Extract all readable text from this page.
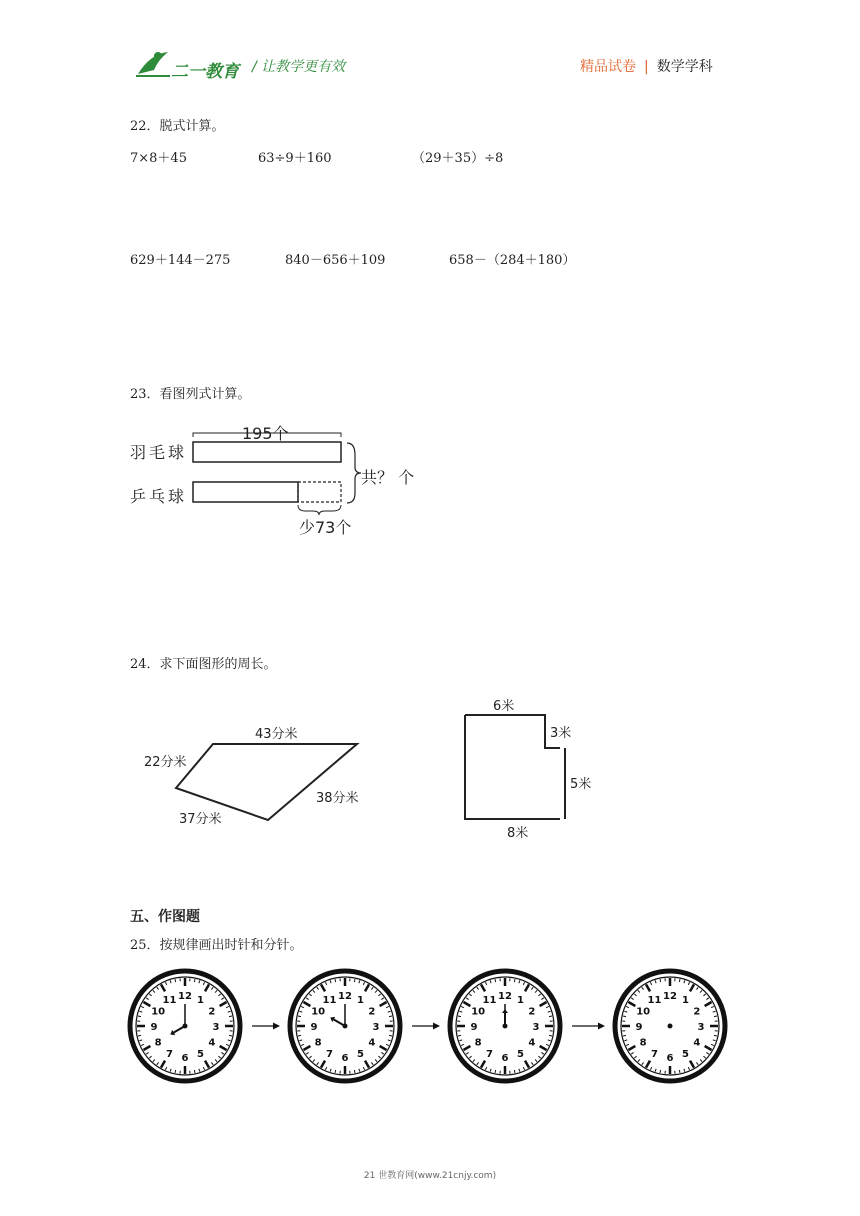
二一教育 / 让教学更有效	精品试卷 | 数学学科
22．脱式计算。
7×8＋45	63÷9＋160	（29＋35）÷8
629＋144－275	840－656＋109	658－（284＋180）
23．看图列式计算。
195个
羽毛球
乒乓球
共？ 个
少73个
24．求下面图形的周长。
43分米
22分米
38分米
37分米
6米
3米
5米
8米
五、作图题
25．按规律画出时针和分针。
12 1
2
3
4
5
6
7
8
9
10
11	12 1
2
3
4
5
6
7
8
9
10
11	12 1
2
3
4
5
6
7
8
9
10
11	12 1
2
3
4
5
6
7
8
9
10
11
21 世教育网(www.21cnjy.com)
